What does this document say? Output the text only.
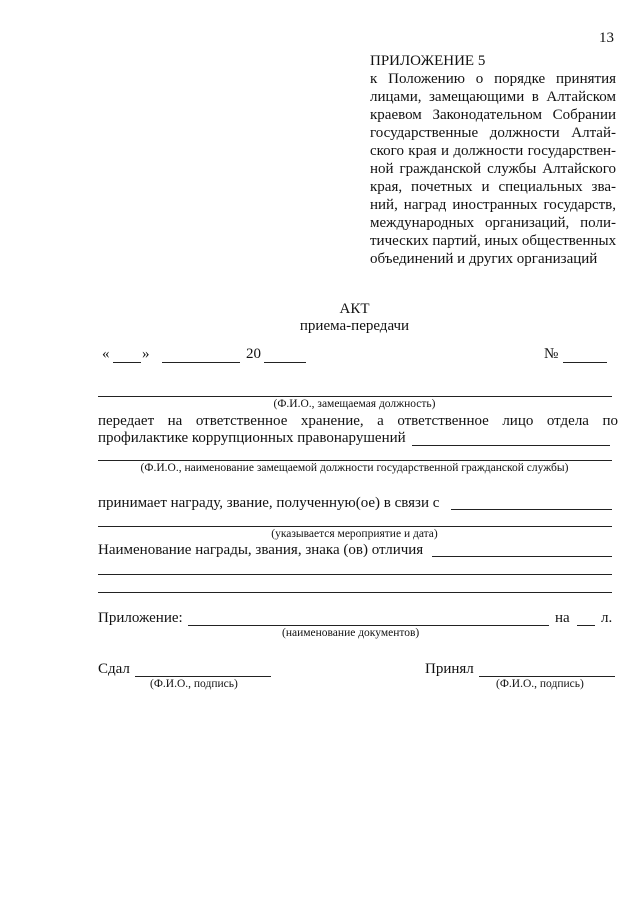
13
ПРИЛОЖЕНИЕ 5
к Положению о порядке принятия
лицами, замещающими в Алтайском
краевом Законодательном Собрании
государственные должности Алтай-
ского края и должности государствен-
ной гражданской службы Алтайского
края, почетных и специальных зва-
ний, наград иностранных государств,
международных организаций, поли-
тических партий, иных общественных
объединений и других организаций
АКТ
приема-передачи
« »	20	№
(Ф.И.О., замещаемая должность)
передает на ответственное хранение, а ответственное лицо отдела по
профилактике коррупционных правонарушений
(Ф.И.О., наименование замещаемой должности государственной гражданской службы)
принимает награду, звание, полученную(ое) в связи с
(указывается мероприятие и дата)
Наименование награды, звания, знака (ов) отличия
Приложение:	на л.
(наименование документов)
Сдал
(Ф.И.О., подпись)
Принял
(Ф.И.О., подпись)
